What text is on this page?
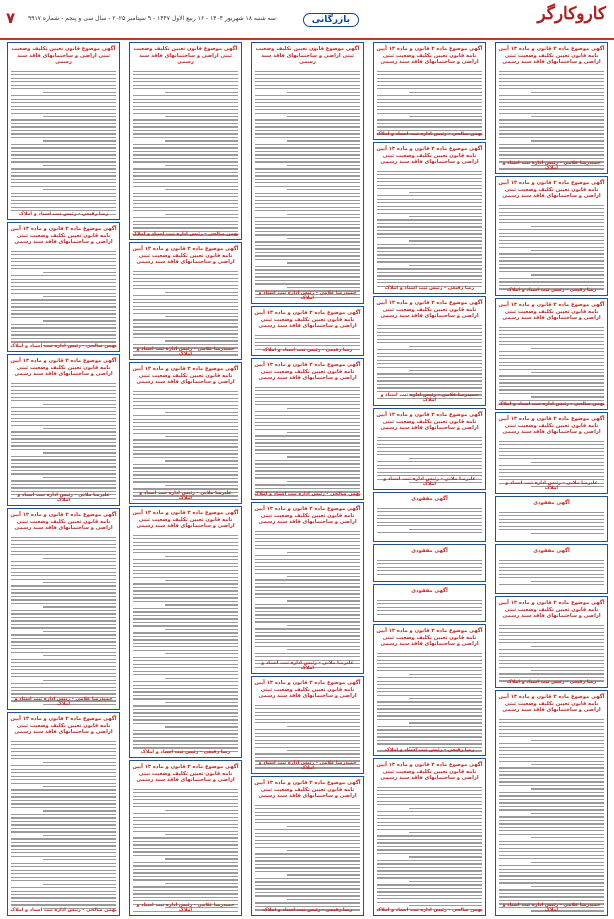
کاروکارگر
بازرگانی
سه شنبه ۱۸ شهریور ۱۴۰۴ - ۱۶ ربیع الاول ۱۴۴۷ - ۹ سپتامبر ۲۰۲۵ - سال سی و پنجم - شماره ۹۹۱۷
۷
آگهی موضوع ماده ۳ قانون و ماده ۱۳ آیین نامه قانون تعیین تکلیف وضعیت ثبتی اراضی و ساختمانهای فاقد سند رسمی
حمیدرضا غلامی - رئیس اداره ثبت اسناد و املاک
آگهی موضوع ماده ۳ قانون و ماده ۱۳ آیین نامه قانون تعیین تکلیف وضعیت ثبتی اراضی و ساختمانهای فاقد سند رسمی
رضا رفیعی - رئیس ثبت اسناد و املاک
آگهی موضوع ماده ۳ قانون و ماده ۱۳ آیین نامه قانون تعیین تکلیف وضعیت ثبتی اراضی و ساختمانهای فاقد سند رسمی
بهمن صالحی - رئیس اداره ثبت اسناد و املاک
آگهی موضوع ماده ۳ قانون و ماده ۱۳ آیین نامه قانون تعیین تکلیف وضعیت ثبتی اراضی و ساختمانهای فاقد سند رسمی
علیرضا ملایی - رئیس اداره ثبت اسناد و املاک
آگهی مفقودی
آگهی مفقودی
آگهی موضوع ماده ۳ قانون و ماده ۱۳ آیین نامه قانون تعیین تکلیف وضعیت ثبتی اراضی و ساختمانهای فاقد سند رسمی
رضا رفیعی - رئیس ثبت اسناد و املاک
آگهی موضوع ماده ۳ قانون و ماده ۱۳ آیین نامه قانون تعیین تکلیف وضعیت ثبتی اراضی و ساختمانهای فاقد سند رسمی
حمیدرضا غلامی - رئیس اداره ثبت اسناد و املاک
آگهی موضوع ماده ۳ قانون و ماده ۱۳ آیین نامه قانون تعیین تکلیف وضعیت ثبتی اراضی و ساختمانهای فاقد سند رسمی
بهمن صالحی - رئیس اداره ثبت اسناد و املاک
آگهی موضوع ماده ۳ قانون و ماده ۱۳ آیین نامه قانون تعیین تکلیف وضعیت ثبتی اراضی و ساختمانهای فاقد سند رسمی
رضا رفیعی - رئیس ثبت اسناد و املاک
آگهی موضوع ماده ۳ قانون و ماده ۱۳ آیین نامه قانون تعیین تکلیف وضعیت ثبتی اراضی و ساختمانهای فاقد سند رسمی
حمیدرضا غلامی - رئیس اداره ثبت اسناد و املاک
آگهی موضوع ماده ۳ قانون و ماده ۱۳ آیین نامه قانون تعیین تکلیف وضعیت ثبتی اراضی و ساختمانهای فاقد سند رسمی
علیرضا ملایی - رئیس اداره ثبت اسناد و املاک
آگهی مفقودی
آگهی مفقودی
آگهی مفقودی
آگهی موضوع ماده ۳ قانون و ماده ۱۳ آیین نامه قانون تعیین تکلیف وضعیت ثبتی اراضی و ساختمانهای فاقد سند رسمی
رضا رفیعی - رئیس ثبت اسناد و املاک
آگهی موضوع ماده ۳ قانون و ماده ۱۳ آیین نامه قانون تعیین تکلیف وضعیت ثبتی اراضی و ساختمانهای فاقد سند رسمی
بهمن صالحی - رئیس اداره ثبت اسناد و املاک
آگهی موضوع قانون تعیین تکلیف وضعیت ثبتی اراضی و ساختمانهای فاقد سند رسمی
حمیدرضا غلامی - رئیس اداره ثبت اسناد و املاک
آگهی موضوع ماده ۳ قانون و ماده ۱۳ آیین نامه قانون تعیین تکلیف وضعیت ثبتی اراضی و ساختمانهای فاقد سند رسمی
رضا رفیعی - رئیس ثبت اسناد و املاک
آگهی موضوع ماده ۳ قانون و ماده ۱۳ آیین نامه قانون تعیین تکلیف وضعیت ثبتی اراضی و ساختمانهای فاقد سند رسمی
بهمن صالحی - رئیس اداره ثبت اسناد و املاک
آگهی موضوع ماده ۳ قانون و ماده ۱۳ آیین نامه قانون تعیین تکلیف وضعیت ثبتی اراضی و ساختمانهای فاقد سند رسمی
علیرضا ملایی - رئیس اداره ثبت اسناد و املاک
آگهی موضوع ماده ۳ قانون و ماده ۱۳ آیین نامه قانون تعیین تکلیف وضعیت ثبتی اراضی و ساختمانهای فاقد سند رسمی
حمیدرضا غلامی - رئیس اداره ثبت اسناد و املاک
آگهی موضوع ماده ۳ قانون و ماده ۱۳ آیین نامه قانون تعیین تکلیف وضعیت ثبتی اراضی و ساختمانهای فاقد سند رسمی
رضا رفیعی - رئیس ثبت اسناد و املاک
آگهی موضوع قانون تعیین تکلیف وضعیت ثبتی اراضی و ساختمانهای فاقد سند رسمی
بهمن صالحی - رئیس اداره ثبت اسناد و املاک
آگهی موضوع ماده ۳ قانون و ماده ۱۳ آیین نامه قانون تعیین تکلیف وضعیت ثبتی اراضی و ساختمانهای فاقد سند رسمی
حمیدرضا غلامی - رئیس اداره ثبت اسناد و املاک
آگهی موضوع ماده ۳ قانون و ماده ۱۳ آیین نامه قانون تعیین تکلیف وضعیت ثبتی اراضی و ساختمانهای فاقد سند رسمی
علیرضا ملایی - رئیس اداره ثبت اسناد و املاک
آگهی موضوع ماده ۳ قانون و ماده ۱۳ آیین نامه قانون تعیین تکلیف وضعیت ثبتی اراضی و ساختمانهای فاقد سند رسمی
رضا رفیعی - رئیس ثبت اسناد و املاک
آگهی موضوع ماده ۳ قانون و ماده ۱۳ آیین نامه قانون تعیین تکلیف وضعیت ثبتی اراضی و ساختمانهای فاقد سند رسمی
حمیدرضا غلامی - رئیس اداره ثبت اسناد و املاک
آگهی موضوع قانون تعیین تکلیف وضعیت ثبتی اراضی و ساختمانهای فاقد سند رسمی
رضا رفیعی - رئیس ثبت اسناد و املاک
آگهی موضوع ماده ۳ قانون و ماده ۱۳ آیین نامه قانون تعیین تکلیف وضعیت ثبتی اراضی و ساختمانهای فاقد سند رسمی
بهمن صالحی - رئیس اداره ثبت اسناد و املاک
آگهی موضوع ماده ۳ قانون و ماده ۱۳ آیین نامه قانون تعیین تکلیف وضعیت ثبتی اراضی و ساختمانهای فاقد سند رسمی
علیرضا ملایی - رئیس اداره ثبت اسناد و املاک
آگهی موضوع ماده ۳ قانون و ماده ۱۳ آیین نامه قانون تعیین تکلیف وضعیت ثبتی اراضی و ساختمانهای فاقد سند رسمی
حمیدرضا غلامی - رئیس اداره ثبت اسناد و املاک
آگهی موضوع ماده ۳ قانون و ماده ۱۳ آیین نامه قانون تعیین تکلیف وضعیت ثبتی اراضی و ساختمانهای فاقد سند رسمی
بهمن صالحی - رئیس اداره ثبت اسناد و املاک
